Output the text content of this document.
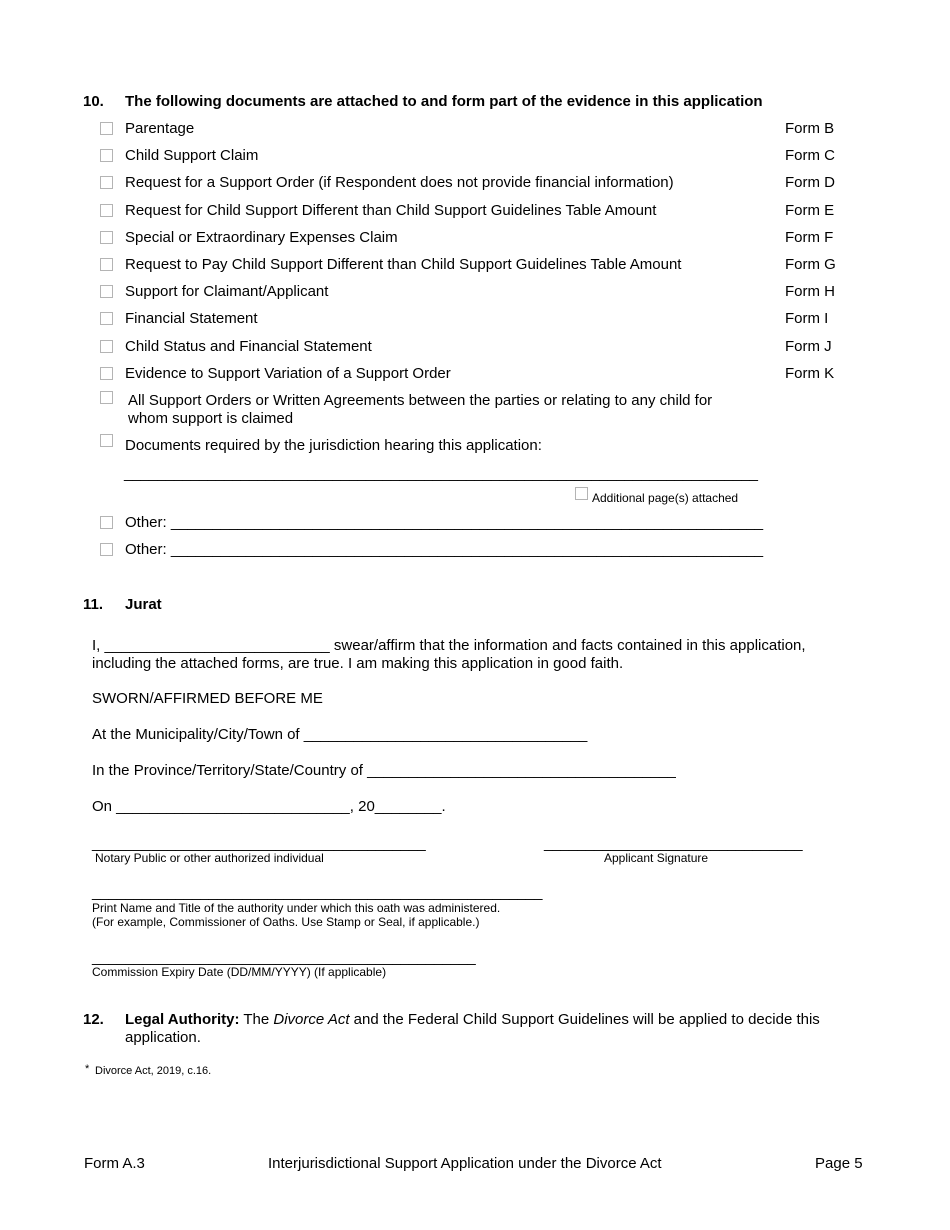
10. The following documents are attached to and form part of the evidence in this application
Parentage	Form B
Child Support Claim	Form C
Request for a Support Order (if Respondent does not provide financial information)	Form D
Request for Child Support Different than Child Support Guidelines Table Amount	Form E
Special or Extraordinary Expenses Claim	Form F
Request to Pay Child Support Different than Child Support Guidelines Table Amount	Form G
Support for Claimant/Applicant	Form H
Financial Statement	Form I
Child Status and Financial Statement	Form J
Evidence to Support Variation of a Support Order	Form K
All Support Orders or Written Agreements between the parties or relating to any child for
whom support is claimed
Documents required by the jurisdiction hearing this application:
____________________________________________________________________________
Additional page(s) attached
Other: _______________________________________________________________________
Other: _______________________________________________________________________
11. Jurat
I, ___________________________ swear/affirm that the information and facts contained in this application,
including the attached forms, are true. I am making this application in good faith.
SWORN/AFFIRMED BEFORE ME
At the Municipality/City/Town of __________________________________
In the Province/Territory/State/Country of _____________________________________
On ____________________________, 20________.
________________________________________
Notary Public or other authorized individual
_______________________________
Applicant Signature
______________________________________________________
Print Name and Title of the authority under which this oath was administered.
(For example, Commissioner of Oaths. Use Stamp or Seal, if applicable.)
______________________________________________
Commission Expiry Date (DD/MM/YYYY) (If applicable)
12. Legal Authority: The Divorce Act and the Federal Child Support Guidelines will be applied to decide this
application.
* Divorce Act, 2019, c.16.
Form A.3	Interjurisdictional Support Application under the Divorce Act	Page 5
